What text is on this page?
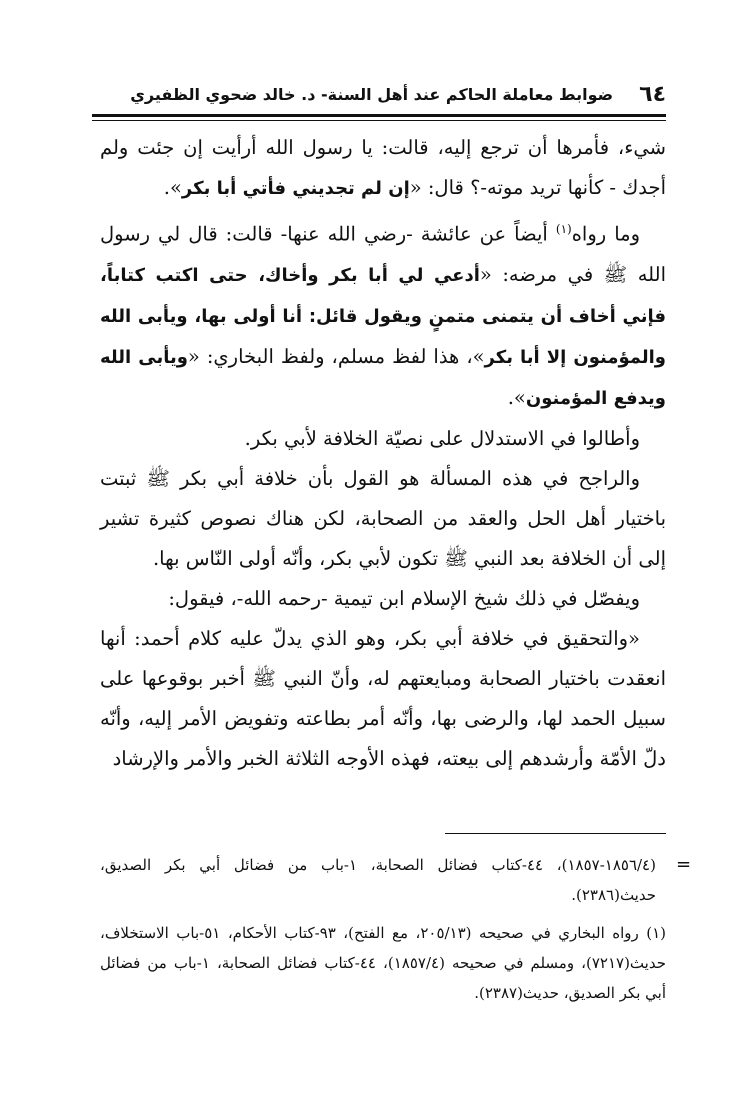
٦٤
ضوابط معاملة الحاكم عند أهل السنة- د. خالد ضحوي الظفيري

شيء، فأمرها أن ترجع إليه، قالت: يا رسول الله أرأيت إن جئت ولم أجدك - كأنها تريد موته-؟ قال: «إن لم تجديني فأتي أبا بكر».

وما رواه$^{(١)}$ أيضاً عن عائشة -رضي الله عنها- قالت: قال لي رسول الله ﷺ في مرضه: «أدعي لي أبا بكر وأخاك، حتى اكتب كتاباً، فإني أخاف أن يتمنى متمنٍ ويقول قائل: أنا أولى بها، ويأبى الله والمؤمنون إلا أبا بكر»، هذا لفظ مسلم، ولفظ البخاري: «ويأبى الله ويدفع المؤمنون».

وأطالوا في الاستدلال على نصيّة الخلافة لأبي بكر.

والراجح في هذه المسألة هو القول بأن خلافة أبي بكر ﷺ ثبتت باختيار أهل الحل والعقد من الصحابة، لكن هناك نصوص كثيرة تشير إلى أن الخلافة بعد النبي ﷺ تكون لأبي بكر، وأنّه أولى النّاس بها.

ويفصّل في ذلك شيخ الإسلام ابن تيمية -رحمه الله-، فيقول:

«والتحقيق في خلافة أبي بكر، وهو الذي يدلّ عليه كلام أحمد: أنها انعقدت باختيار الصحابة ومبايعتهم له، وأنّ النبي ﷺ أخبر بوقوعها على سبيل الحمد لها، والرضى بها، وأنّه أمر بطاعته وتفويض الأمر إليه، وأنّه دلّ الأمّة وأرشدهم إلى بيعته، فهذه الأوجه الثلاثة الخبر والأمر والإرشاد

=

(١٨٥٦/٤-١٨٥٧)، ٤٤-كتاب فضائل الصحابة، ١-باب من فضائل أبي بكر الصديق، حديث(٢٣٨٦).

(١) رواه البخاري في صحيحه (٢٠٥/١٣، مع الفتح)، ٩٣-كتاب الأحكام، ٥١-باب الاستخلاف، حديث(٧٢١٧)، ومسلم في صحيحه (١٨٥٧/٤)، ٤٤-كتاب فضائل الصحابة، ١-باب من فضائل أبي بكر الصديق، حديث(٢٣٨٧).
